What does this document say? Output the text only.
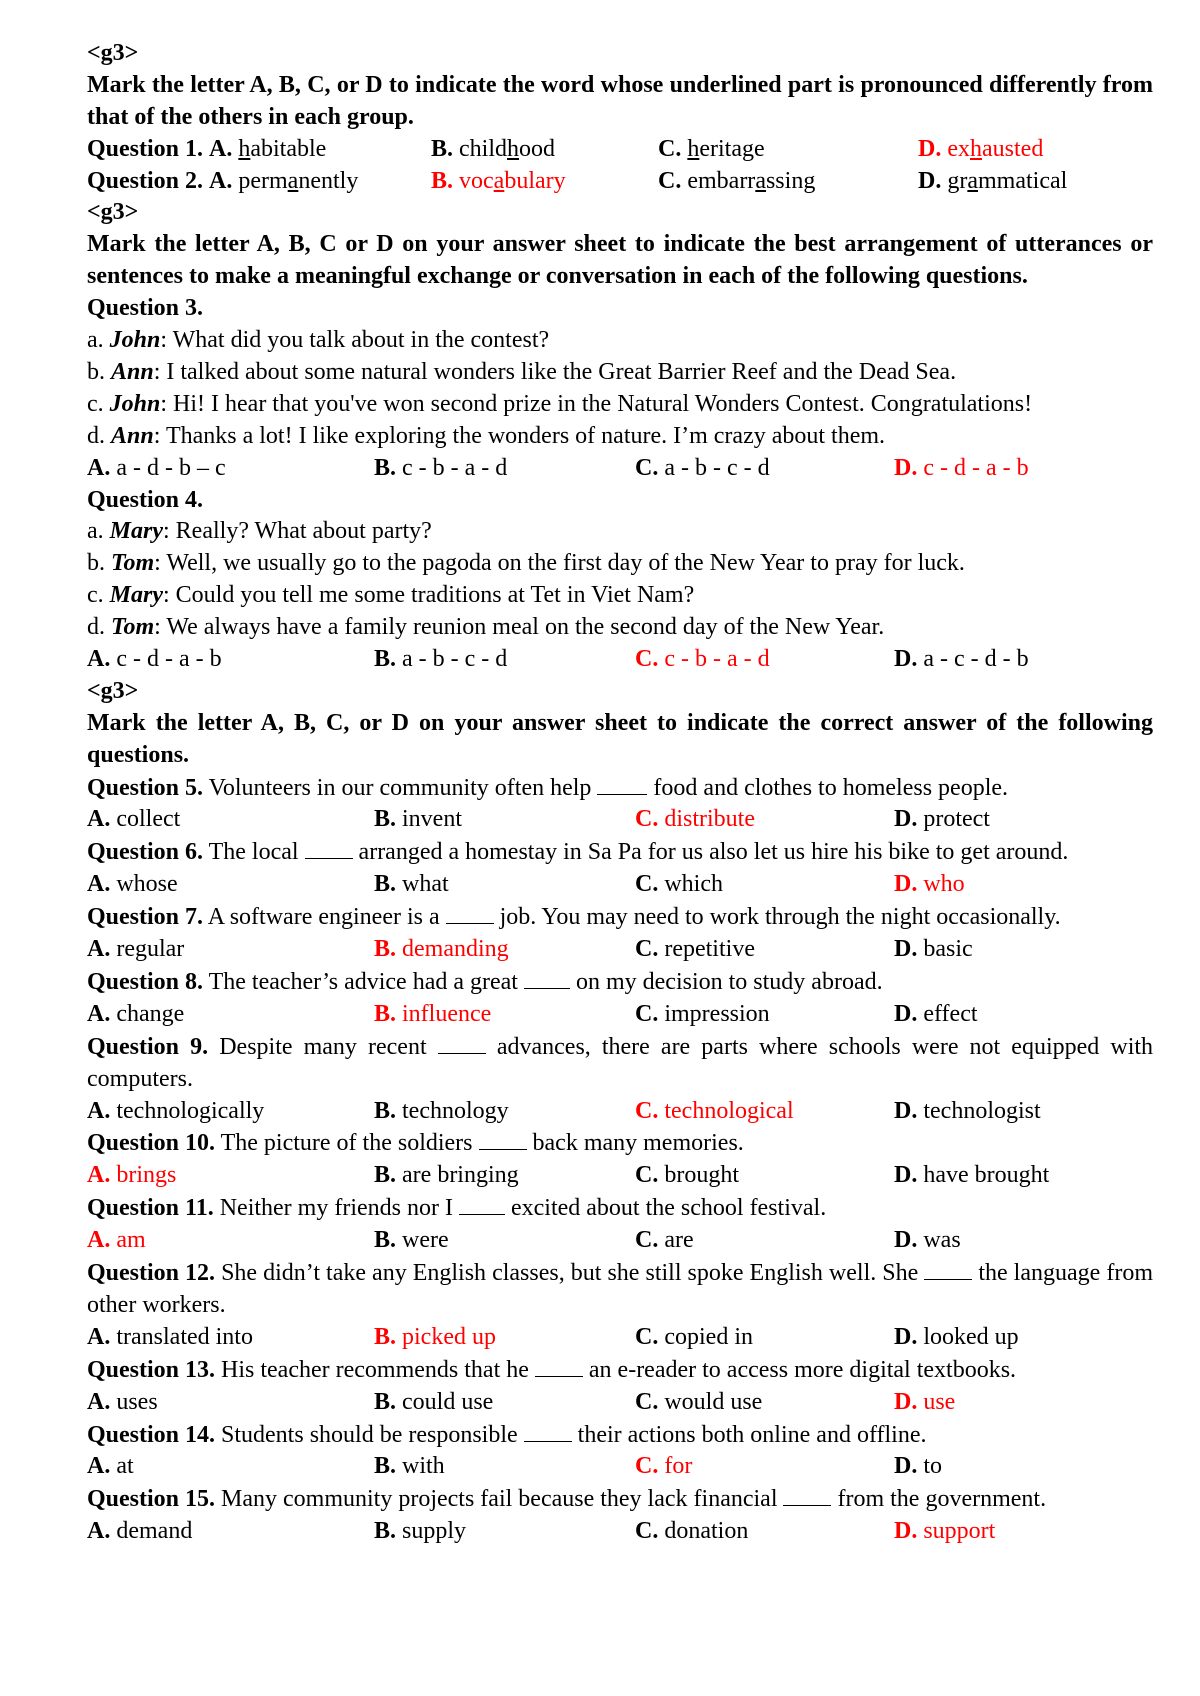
<g3>
Mark the letter A, B, C, or D to indicate the word whose underlined part is pronounced differently from that of the others in each group.
Question 1. A. habitable	B. childhood	C. heritage	D. exhausted
Question 2. A. permanently	B. vocabulary	C. embarrassing	D. grammatical
<g3>
Mark the letter A, B, C or D on your answer sheet to indicate the best arrangement of utterances or sentences to make a meaningful exchange or conversation in each of the following questions.
Question 3.
a. John: What did you talk about in the contest?
b. Ann: I talked about some natural wonders like the Great Barrier Reef and the Dead Sea.
c. John: Hi! I hear that you've won second prize in the Natural Wonders Contest. Congratulations!
d. Ann: Thanks a lot! I like exploring the wonders of nature. I’m crazy about them.
A. a - d - b – c	B. c - b - a - d	C. a - b - c - d	D. c - d - a - b
Question 4.
a. Mary: Really? What about party?
b. Tom: Well, we usually go to the pagoda on the first day of the New Year to pray for luck.
c. Mary: Could you tell me some traditions at Tet in Viet Nam?
d. Tom: We always have a family reunion meal on the second day of the New Year.
A. c - d - a - b	B. a - b - c - d	C. c - b - a - d	D. a - c - d - b
<g3>
Mark the letter A, B, C, or D on your answer sheet to indicate the correct answer of the following questions.
Question 5. Volunteers in our community often help	food and clothes to homeless people.
A. collect	B. invent	C. distribute	D. protect
Question 6. The local	arranged a homestay in Sa Pa for us also let us hire his bike to get around.
A. whose	B. what	C. which	D. who
Question 7. A software engineer is a	job. You may need to work through the night occasionally.
A. regular	B. demanding	C. repetitive	D. basic
Question 8. The teacher’s advice had a great on my decision to study abroad.
A. change	B. influence	C. impression	D. effect
Question 9. Despite many recent	advances, there are parts where schools were not equipped with computers.
A. technologically	B. technology	C. technological	D. technologist
Question 10. The picture of the soldiers	back many memories.
A. brings	B. are bringing	C. brought	D. have brought
Question 11. Neither my friends nor I excited about the school festival.
A. am	B. were	C. are	D. was
Question 12. She didn’t take any English classes, but she still spoke English well. She	the language from other workers.
A. translated into	B. picked up	C. copied in	D. looked up
Question 13. His teacher recommends that he	an e-reader to access more digital textbooks.
A. uses	B. could use	C. would use	D. use
Question 14. Students should be responsible	their actions both online and offline.
A. at	B. with	C. for	D. to
Question 15. Many community projects fail because they lack financial	from the government.
A. demand	B. supply	C. donation	D. support
